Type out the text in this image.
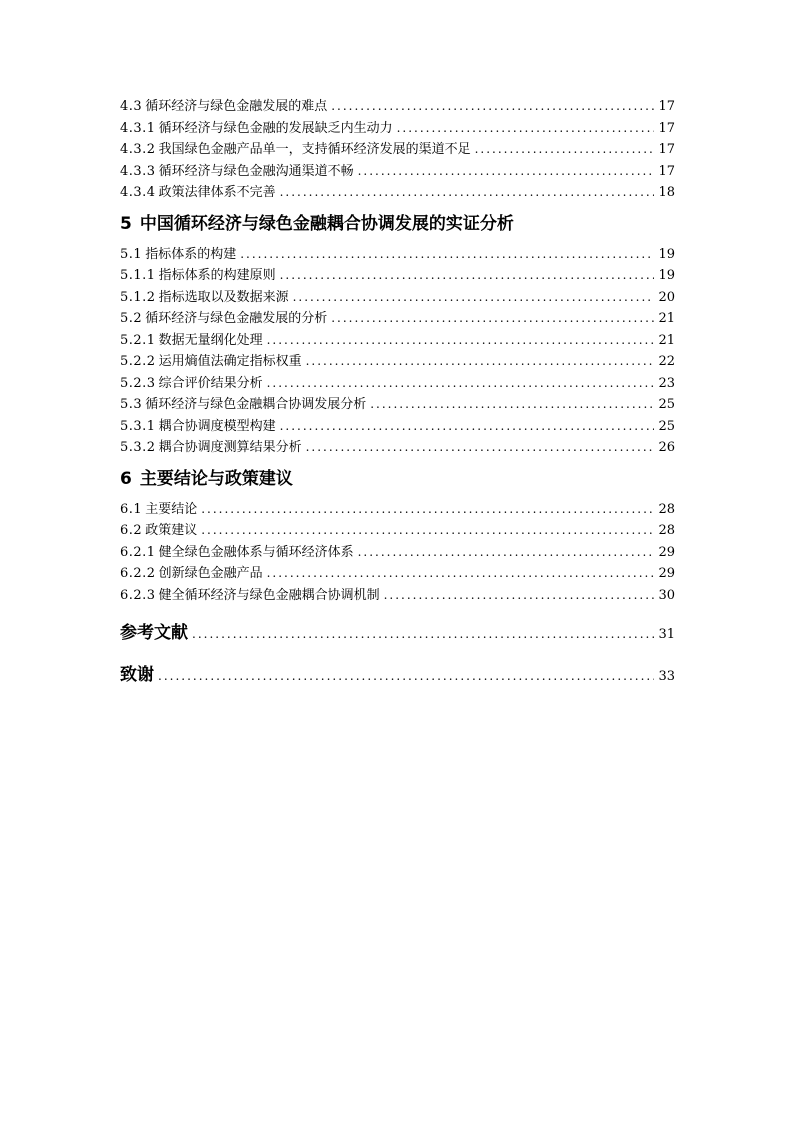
4.3 循环经济与绿色金融发展的难点 .....	17
4.3.1 循环经济与绿色金融的发展缺乏内生动力 .....	17
4.3.2 我国绿色金融产品单一，支持循环经济发展的渠道不足 .....	17
4.3.3 循环经济与绿色金融沟通渠道不畅 .....	17
4.3.4 政策法律体系不完善 .....	18
5 中国循环经济与绿色金融耦合协调发展的实证分析
5.1 指标体系的构建 .....	19
5.1.1 指标体系的构建原则 .....	19
5.1.2 指标选取以及数据来源 .....	20
5.2 循环经济与绿色金融发展的分析 .....	21
5.2.1 数据无量纲化处理 .....	21
5.2.2 运用熵值法确定指标权重 .....	22
5.2.3 综合评价结果分析 .....	23
5.3 循环经济与绿色金融耦合协调发展分析 .....	25
5.3.1 耦合协调度模型构建 .....	25
5.3.2 耦合协调度测算结果分析 .....	26
6 主要结论与政策建议
6.1 主要结论 .....	28
6.2 政策建议 .....	28
6.2.1 健全绿色金融体系与循环经济体系 .....	29
6.2.2 创新绿色金融产品 .....	29
6.2.3 健全循环经济与绿色金融耦合协调机制 .....	30
参考文献 .....	31
致谢 .....	33
